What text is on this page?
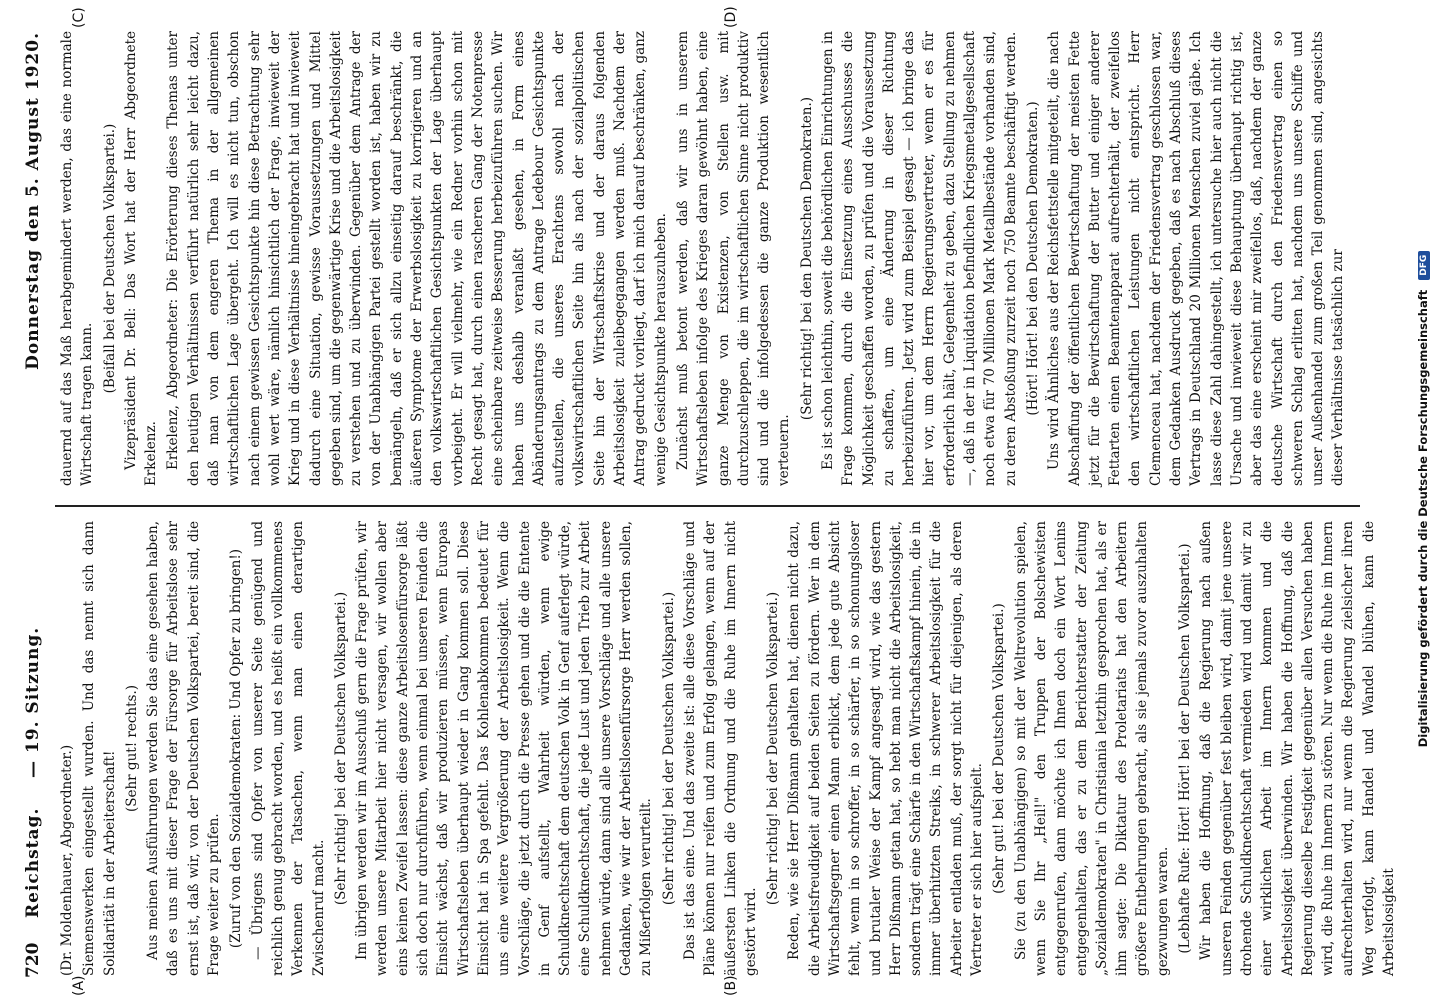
720
Reichstag.
— 19. Sitzung.
Donnerstag den 5. August 1920.
(A)	(B)
(C)	(D)

(Dr. Moldenhauer, Abgeordneter.) Siemenswerken eingestellt wurden. Und das nennt sich dann Solidarität in der Arbeiterschaft!

(Sehr gut! rechts.) Aus meinen Ausführungen werden Sie das eine gesehen haben, daß es uns mit dieser Frage der Fürsorge für Arbeitslose sehr ernst ist, daß wir, von der Deutschen Volkspartei, bereit sind, die Frage weiter zu prüfen. (Zuruf von den Sozialdemokraten: Und Opfer zu bringen!) — Übrigens sind Opfer von unserer Seite genügend und reichlich genug gebracht worden, und es heißt ein vollkommenes Verkennen der Tatsachen, wenn man einen derartigen Zwischenruf macht.

(Sehr richtig! bei der Deutschen Volkspartei.) Im übrigen werden wir im Ausschuß gern die Frage prüfen, wir werden unsere Mitarbeit hier nicht versagen, wir wollen aber eins keinen Zweifel lassen: diese ganze Arbeitslosenfürsorge läßt sich doch nur durchführen, wenn einmal bei unseren Feinden die Einsicht wächst, daß wir produzieren müssen, wenn Europas Wirtschaftsleben überhaupt wieder in Gang kommen soll. Diese Einsicht hat in Spa gefehlt. Das Kohlenabkommen bedeutet für uns eine weitere Vergrößerung der Arbeitslosigkeit. Wenn die Vorschläge, die jetzt durch die Presse gehen und die die Entente in Genf aufstellt, Wahrheit würden, wenn ewige Schuldknechtschaft dem deutschen Volk in Genf auferlegt würde, eine Schuldknechtschaft, die jede Lust und jeden Trieb zur Arbeit nehmen würde, dann sind alle unsere Vorschläge und alle unsere Gedanken, wie wir der Arbeitslosenfürsorge Herr werden sollen, zu Mißerfolgen verurteilt. (Sehr richtig! bei der Deutschen Volkspartei.) Das ist das eine. Und das zweite ist: alle diese Vorschläge und Pläne können nur reifen und zum Erfolg gelangen, wenn auf der äußersten Linken die Ordnung und die Ruhe im Innern nicht gestört wird.

(Sehr richtig! bei der Deutschen Volkspartei.) Reden, wie sie Herr Dißmann gehalten hat, dienen nicht dazu, die Arbeitsfreudigkeit auf beiden Seiten zu fördern. Wer in dem Wirtschaftsgegner einen Mann erblickt, dem jede gute Absicht fehlt, wenn in so schroffer, in so schärfer, in so schonungsloser und brutaler Weise der Kampf angesagt wird, wie das gestern Herr Dißmann getan hat, so hebt man nicht die Arbeitslosigkeit, sondern trägt eine Schärfe in den Wirtschaftskampf hinein, die in immer überhitzten Streiks, in schwerer Arbeitslosigkeit für die Arbeiter entladen muß, der sorgt nicht für diejenigen, als deren Vertreter er sich hier aufspielt. (Sehr gut! bei der Deutschen Volkspartei.) Sie (zu den Unabhängigen) so mit der Weltrevolution spielen, wenn Sie Ihr „Heil!" den Truppen der Bolschewisten entgegenrufen, dann möchte ich Ihnen doch ein Wort Lenins entgegenhalten, das er zu dem Berichterstatter der Zeitung „Sozialdemokraten" in Christiania letzthin gesprochen hat, als er ihm sagte: Die Diktatur des Proletariats hat den Arbeitern größere Entbehrungen gebracht, als sie jemals zuvor auszuhalten gezwungen waren. (Lebhafte Rufe: Hört! Hört! bei der Deutschen Volkspartei.) Wir haben die Hoffnung, daß die Regierung nach außen unseren Feinden gegenüber fest bleiben wird, damit jene unsere drohende Schuldknechtschaft vermieden wird und damit wir zu einer wirklichen Arbeit im Innern kommen und die Arbeitslosigkeit überwinden. Wir haben die Hoffnung, daß die Regierung dieselbe Festigkeit gegenüber allen Versuchen haben wird, die Ruhe im Innern zu stören. Nur wenn die Ruhe im Innern aufrechterhalten wird, nur wenn die Regierung zielsicher ihren Weg verfolgt, kann Handel und Wandel blühen, kann die Arbeitslosigkeit

dauernd auf das Maß herabgemindert werden, das eine normale Wirtschaft tragen kann.

(Beifall bei der Deutschen Volkspartei.) Vizepräsident Dr. Bell: Das Wort hat der Herr Abgeordnete Erkelenz. Erkelenz, Abgeordneter: Die Erörterung dieses Themas unter den heutigen Verhältnissen verführt natürlich sehr leicht dazu, daß man von dem engeren Thema in der allgemeinen wirtschaftlichen Lage übergeht. Ich will es nicht tun, obschon nach einem gewissen Gesichtspunkte hin diese Betrachtung sehr wohl wert wäre, nämlich hinsichtlich der Frage, inwieweit der Krieg und in diese Verhältnisse hineingebracht hat und inwieweit dadurch eine Situation, gewisse Voraussetzungen und Mittel gegeben sind, um die gegenwärtige Krise und die Arbeitslosigkeit zu verstehen und zu überwinden. Gegenüber dem Antrage der von der Unabhängigen Partei gestellt worden ist, haben wir zu bemängeln, daß er sich allzu einseitig darauf beschränkt, die äußeren Symptome der Erwerbslosigkeit zu korrigieren und an den volkswirtschaftlichen Gesichtspunkten der Lage überhaupt vorbeigeht. Er will vielmehr, wie ein Redner vorhin schon mit Recht gesagt hat, durch einen rascheren Gang der Notenpresse eine scheinbare zeitweise Besserung herbeizuführen suchen. Wir haben uns deshalb veranlaßt gesehen, in Form eines Abänderungsantrags zu dem Antrage Ledebour Gesichtspunkte aufzustellen, die unseres Erachtens sowohl nach der volkswirtschaftlichen Seite hin als nach der sozialpolitischen Seite hin der Wirtschaftskrise und der daraus folgenden Arbeitslosigkeit zuleibegegangen werden muß. Nachdem der Antrag gedruckt vorliegt, darf ich mich darauf beschränken, ganz wenige Gesichtspunkte herauszuheben. Zunächst muß betont werden, daß wir uns in unserem Wirtschaftsleben infolge des Krieges daran gewöhnt haben, eine ganze Menge von Existenzen, von Stellen usw. mit durchzuschleppen, die im wirtschaftlichen Sinne nicht produktiv sind und die infolgedessen die ganze Produktion wesentlich verteuern.

(Sehr richtig! bei den Deutschen Demokraten.) Es ist schon leichthin, soweit die behördlichen Einrichtungen in Frage kommen, durch die Einsetzung eines Ausschusses die Möglichkeit geschaffen worden, zu prüfen und die Voraussetzung zu schaffen, um eine Änderung in dieser Richtung herbeizuführen. Jetzt wird zum Beispiel gesagt — ich bringe das hier vor, um dem Herrn Regierungsvertreter, wenn er es für erforderlich hält, Gelegenheit zu geben, dazu Stellung zu nehmen —, daß in der in Liquidation befindlichen Kriegsmetallgesellschaft noch etwa für 70 Millionen Mark Metallbestände vorhanden sind, zu deren Abstoßung zurzeit noch 750 Beamte beschäftigt werden. (Hört! Hört! bei den Deutschen Demokraten.) Uns wird Ähnliches aus der Reichsfettstelle mitgeteilt, die nach Abschaffung der öffentlichen Bewirtschaftung der meisten Fette jetzt für die Bewirtschaftung der Butter und einiger anderer Fettarten einen Beamtenapparat aufrechterhält, der zweifellos den wirtschaftlichen Leistungen nicht entspricht. Herr Clemenceau hat, nachdem der Friedensvertrag geschlossen war, dem Gedanken Ausdruck gegeben, daß es nach Abschluß dieses Vertrags in Deutschland 20 Millionen Menschen zuviel gäbe. Ich lasse diese Zahl dahingestellt, ich untersuche hier auch nicht die Ursache und inwieweit diese Behauptung überhaupt richtig ist, aber das eine erscheint mir zweifellos, daß, nachdem der ganze deutsche Wirtschaft durch den Friedensvertrag einen so schweren Schlag erlitten hat, nachdem uns unsere Schiffe und unser Außenhandel zum großen Teil genommen sind, angesichts dieser Verhältnisse tatsächlich zur	Digitalisierung gefördert durch die Deutsche Forschungsgemeinschaft DFG
